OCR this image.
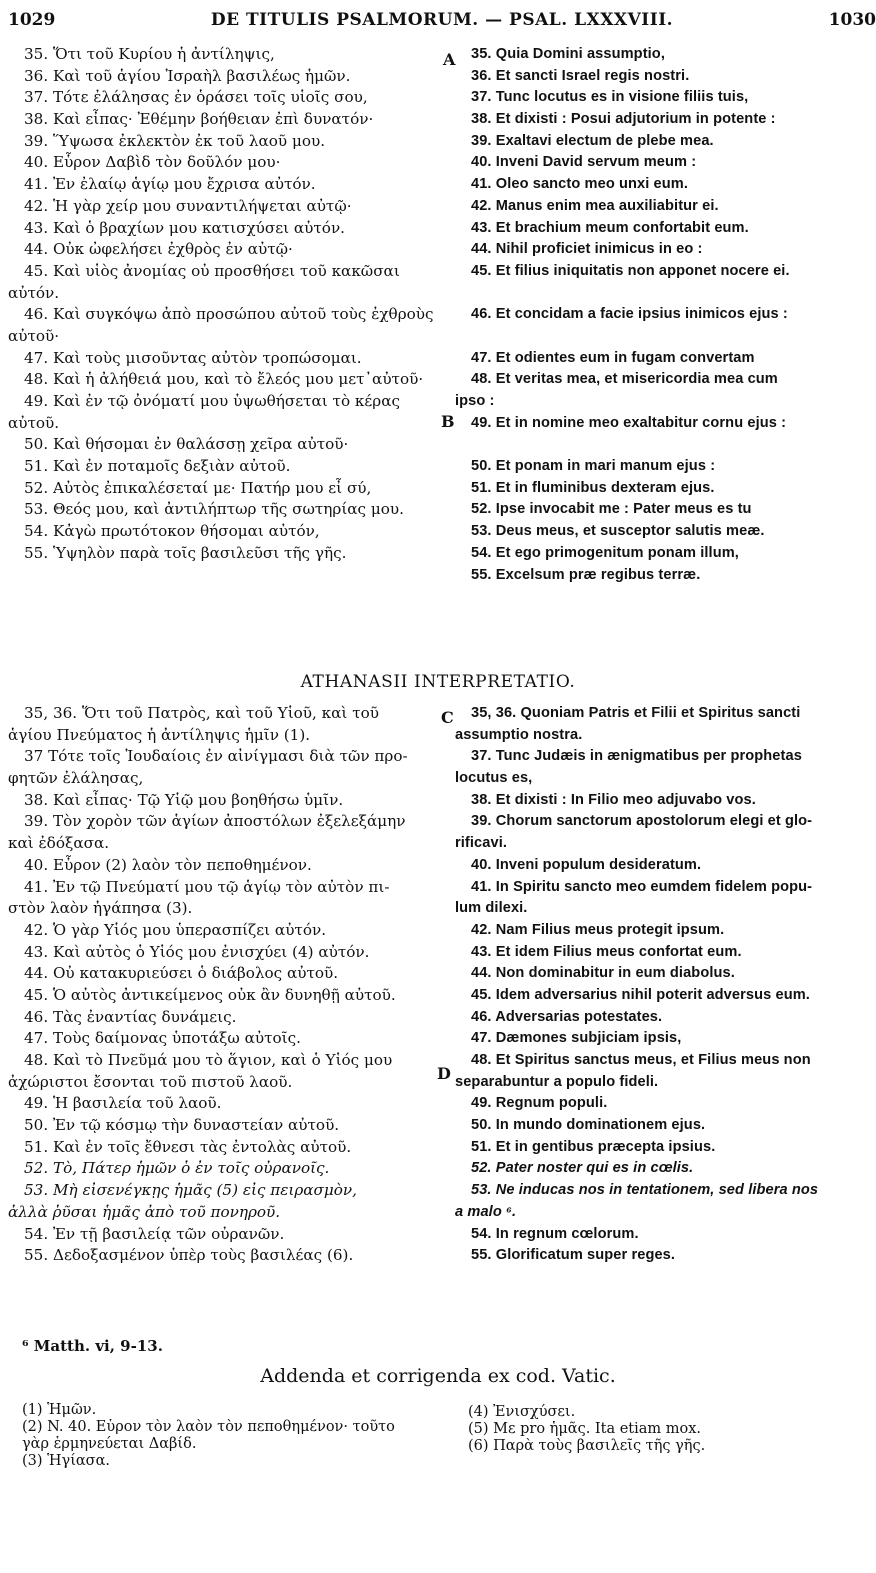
1029	DE TITULIS PSALMORUM. — PSAL. LXXXVIII.	1030
35. Ὅτι τοῦ Κυρίου ἡ ἀντίληψις,
36. Καὶ τοῦ ἁγίου Ἰσραὴλ βασιλέως ἡμῶν.
37. Τότε ἐλάλησας ἐν ὁράσει τοῖς υἱοῖς σου,
38. Καὶ εἶπας· Ἐθέμην βοήθειαν ἐπὶ δυνατόν·
39. Ὕψωσα ἐκλεκτὸν ἐκ τοῦ λαοῦ μου.
40. Εὗρον Δαβὶδ τὸν δοῦλόν μου·
41. Ἐν ἐλαίῳ ἁγίῳ μου ἔχρισα αὐτόν.
42. Ἡ γὰρ χείρ μου συναντιλήψεται αὐτῷ·
43. Καὶ ὁ βραχίων μου κατισχύσει αὐτόν.
44. Οὐκ ὠφελήσει ἐχθρὸς ἐν αὐτῷ·
45. Καὶ υἱὸς ἀνομίας οὐ προσθήσει τοῦ κακῶσαι
αὐτόν.
46. Καὶ συγκόψω ἀπὸ προσώπου αὐτοῦ τοὺς ἐχθροὺς
αὐτοῦ·
47. Καὶ τοὺς μισοῦντας αὐτὸν τροπώσομαι.
48. Καὶ ἡ ἀλήθειά μου, καὶ τὸ ἔλεός μου μετ᾽αὐτοῦ·
49. Καὶ ἐν τῷ ὀνόματί μου ὑψωθήσεται τὸ κέρας
αὐτοῦ.
50. Καὶ θήσομαι ἐν θαλάσσῃ χεῖρα αὐτοῦ·
51. Καὶ ἐν ποταμοῖς δεξιὰν αὐτοῦ.
52. Αὐτὸς ἐπικαλέσεταί με· Πατήρ μου εἶ σύ,
53. Θεός μου, καὶ ἀντιλήπτωρ τῆς σωτηρίας μου.
54. Κἀγὼ πρωτότοκον θήσομαι αὐτόν,
55. Ὑψηλὸν παρὰ τοῖς βασιλεῦσι τῆς γῆς.
35. Quia Domini assumptio,
36. Et sancti Israel regis nostri.
37. Tunc locutus es in visione filiis tuis,
38. Et dixisti : Posui adjutorium in potente :
39. Exaltavi electum de plebe mea.
40. Inveni David servum meum :
41. Oleo sancto meo unxi eum.
42. Manus enim mea auxiliabitur ei.
43. Et brachium meum confortabit eum.
44. Nihil proficiet inimicus in eo :
45. Et filius iniquitatis non apponet nocere ei.

46. Et concidam a facie ipsius inimicos ejus :

47. Et odientes eum in fugam convertam
48. Et veritas mea, et misericordia mea cum
ipso :
49. Et in nomine meo exaltabitur cornu ejus :

50. Et ponam in mari manum ejus :
51. Et in fluminibus dexteram ejus.
52. Ipse invocabit me : Pater meus es tu
53. Deus meus, et susceptor salutis meæ.
54. Et ego primogenitum ponam illum,
55. Excelsum præ regibus terræ.
A
B
ATHANASII INTERPRETATIO.
35, 36. Ὅτι τοῦ Πατρὸς, καὶ τοῦ Υἱοῦ, καὶ τοῦ
ἁγίου Πνεύματος ἡ ἀντίληψις ἡμῖν (1).
37 Τότε τοῖς Ἰουδαίοις ἐν αἰνίγμασι διὰ τῶν προ-
φητῶν ἐλάλησας,
38. Καὶ εἶπας· Τῷ Υἱῷ μου βοηθήσω ὑμῖν.
39. Τὸν χορὸν τῶν ἁγίων ἀποστόλων ἐξελεξάμην
καὶ ἐδόξασα.
40. Εὗρον (2) λαὸν τὸν πεποθημένον.
41. Ἐν τῷ Πνεύματί μου τῷ ἁγίῳ τὸν αὐτὸν πι-
στὸν λαὸν ἠγάπησα (3).
42. Ὁ γὰρ Υἱός μου ὑπερασπίζει αὐτόν.
43. Καὶ αὐτὸς ὁ Υἱός μου ἐνισχύει (4) αὐτόν.
44. Οὐ κατακυριεύσει ὁ διάβολος αὐτοῦ.
45. Ὁ αὐτὸς ἀντικείμενος οὐκ ἂν δυνηθῇ αὐτοῦ.
46. Τὰς ἐναντίας δυνάμεις.
47. Τοὺς δαίμονας ὑποτάξω αὐτοῖς.
48. Καὶ τὸ Πνεῦμά μου τὸ ἅγιον, καὶ ὁ Υἱός μου
ἀχώριστοι ἔσονται τοῦ πιστοῦ λαοῦ.
49. Ἡ βασιλεία τοῦ λαοῦ.
50. Ἐν τῷ κόσμῳ τὴν δυναστείαν αὐτοῦ.
51. Καὶ ἐν τοῖς ἔθνεσι τὰς ἐντολὰς αὐτοῦ.
52. Τὸ, Πάτερ ἡμῶν ὁ ἐν τοῖς οὐρανοῖς.
53. Μὴ εἰσενέγκῃς ἡμᾶς (5) εἰς πειρασμὸν,
ἀλλὰ ῥῦσαι ἡμᾶς ἀπὸ τοῦ πονηροῦ.
54. Ἐν τῇ βασιλείᾳ τῶν οὐρανῶν.
55. Δεδοξασμένον ὑπὲρ τοὺς βασιλέας (6).
35, 36. Quoniam Patris et Filii et Spiritus sancti
assumptio nostra.
37. Tunc Judæis in ænigmatibus per prophetas
locutus es,
38. Et dixisti : In Filio meo adjuvabo vos.
39. Chorum sanctorum apostolorum elegi et glo-
rificavi.
40. Inveni populum desideratum.
41. In Spiritu sancto meo eumdem fidelem popu-
lum dilexi.
42. Nam Filius meus protegit ipsum.
43. Et idem Filius meus confortat eum.
44. Non dominabitur in eum diabolus.
45. Idem adversarius nihil poterit adversus eum.
46. Adversarias potestates.
47. Dæmones subjiciam ipsis,
48. Et Spiritus sanctus meus, et Filius meus non
separabuntur a populo fideli.
49. Regnum populi.
50. In mundo dominationem ejus.
51. Et in gentibus præcepta ipsius.
52. Pater noster qui es in cœlis.
53. Ne inducas nos in tentationem, sed libera nos
a malo ⁶.
54. In regnum cœlorum.
55. Glorificatum super reges.
C
D
⁶ Matth. vi, 9-13.
Addenda et corrigenda ex cod. Vatic.
(1) Ἡμῶν.
(2) N. 40. Εὗρον τὸν λαὸν τὸν πεποθημένον· τοῦτο
γὰρ ἑρμηνεύεται Δαβίδ.
(3) Ἡγίασα.
(4) Ἐνισχύσει.
(5) Με pro ἡμᾶς. Ita etiam mox.
(6) Παρὰ τοὺς βασιλεῖς τῆς γῆς.
